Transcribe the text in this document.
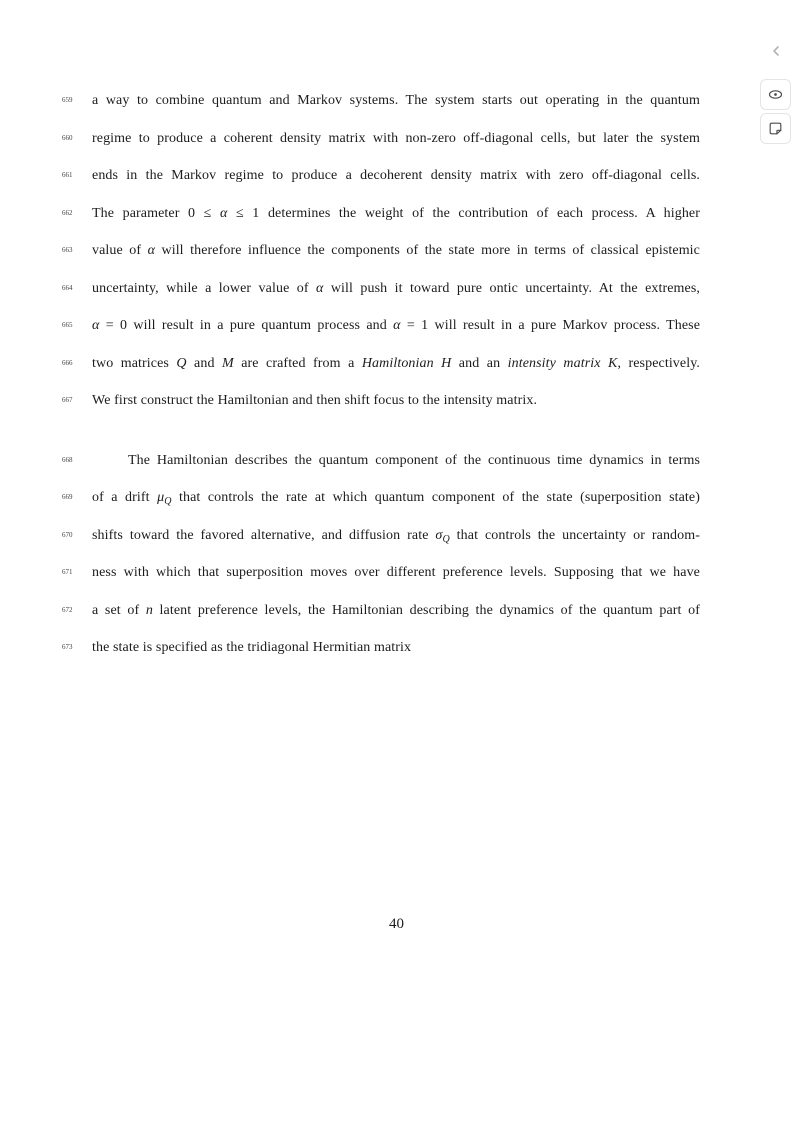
659	a way to combine quantum and Markov systems. The system starts out operating in the quantum
660	regime to produce a coherent density matrix with non-zero off-diagonal cells, but later the system
661	ends in the Markov regime to produce a decoherent density matrix with zero off-diagonal cells.
662	The parameter 0 ≤ α ≤ 1 determines the weight of the contribution of each process. A higher
663	value of α will therefore influence the components of the state more in terms of classical epistemic
664	uncertainty, while a lower value of α will push it toward pure ontic uncertainty. At the extremes,
665	α = 0 will result in a pure quantum process and α = 1 will result in a pure Markov process. These
666	two matrices Q and M are crafted from a Hamiltonian H and an intensity matrix K, respectively.
667	We first construct the Hamiltonian and then shift focus to the intensity matrix.
668	The Hamiltonian describes the quantum component of the continuous time dynamics in terms
669	of a drift $\mu_Q$ that controls the rate at which quantum component of the state (superposition state)
670	shifts toward the favored alternative, and diffusion rate $\sigma_Q$ that controls the uncertainty or random-
671	ness with which that superposition moves over different preference levels. Supposing that we have
672	a set of n latent preference levels, the Hamiltonian describing the dynamics of the quantum part of
673	the state is specified as the tridiagonal Hermitian matrix
40
